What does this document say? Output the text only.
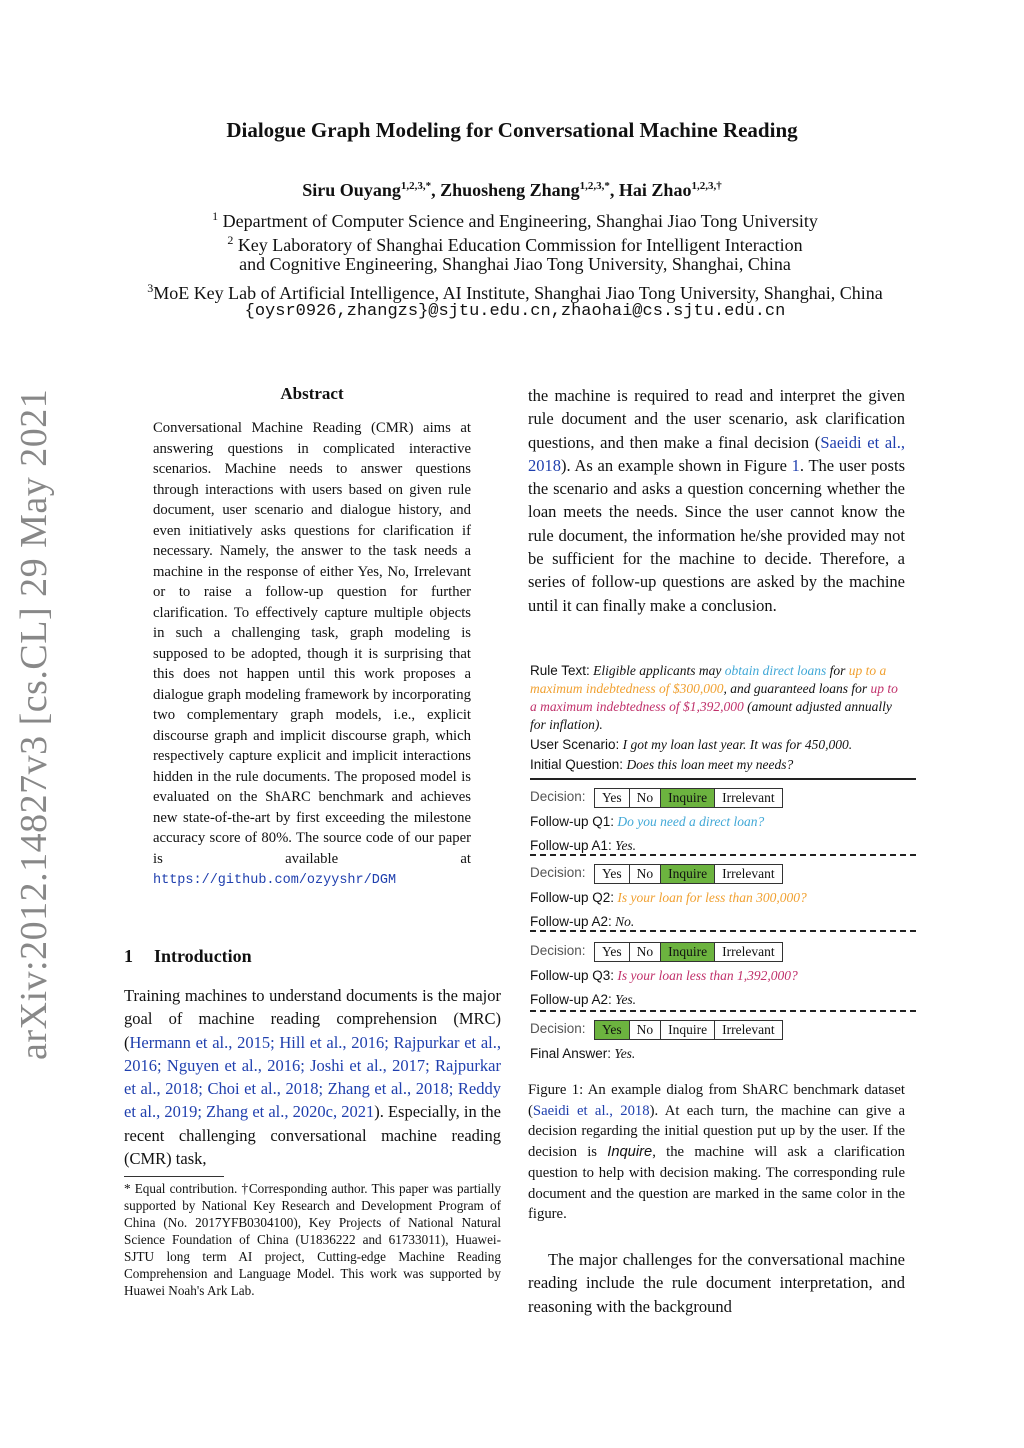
Dialogue Graph Modeling for Conversational Machine Reading
Siru Ouyang$^{1,2,3,*}$, Zhuosheng Zhang$^{1,2,3,*}$, Hai Zhao$^{1,2,3,\dagger}$
$^1$ Department of Computer Science and Engineering, Shanghai Jiao Tong University
$^2$ Key Laboratory of Shanghai Education Commission for Intelligent Interaction
and Cognitive Engineering, Shanghai Jiao Tong University, Shanghai, China
$^3$MoE Key Lab of Artificial Intelligence, AI Institute, Shanghai Jiao Tong University, Shanghai, China
{oysr0926,zhangzs}@sjtu.edu.cn,zhaohai@cs.sjtu.edu.cn
arXiv:2012.14827v3 [cs.CL] 29 May 2021	Abstract
Conversational Machine Reading (CMR) aims at answering questions in complicated interactive scenarios. Machine needs to answer questions through interactions with users based on given rule document, user scenario and dialogue history, and even initiatively asks questions for clarification if necessary. Namely, the answer to the task needs a machine in the response of either Yes, No, Irrelevant or to raise a follow-up question for further clarification. To effectively capture multiple objects in such a challenging task, graph modeling is supposed to be adopted, though it is surprising that this does not happen until this work proposes a dialogue graph modeling framework by incorporating two complementary graph models, i.e., explicit discourse graph and implicit discourse graph, which respectively capture explicit and implicit interactions hidden in the rule documents. The proposed model is evaluated on the ShARC benchmark and achieves new state-of-the-art by first exceeding the milestone accuracy score of 80%. The source code of our paper is available at https://github.com/ozyyshr/DGM
1 Introduction
Training machines to understand documents is the major goal of machine reading comprehension (MRC) (Hermann et al., 2015; Hill et al., 2016; Rajpurkar et al., 2016; Nguyen et al., 2016; Joshi et al., 2017; Rajpurkar et al., 2018; Choi et al., 2018; Zhang et al., 2018; Reddy et al., 2019; Zhang et al., 2020c, 2021). Especially, in the recent challenging conversational machine reading (CMR) task,
* Equal contribution. †Corresponding author. This paper was partially supported by National Key Research and Development Program of China (No. 2017YFB0304100), Key Projects of National Natural Science Foundation of China (U1836222 and 61733011), Huawei-SJTU long term AI project, Cutting-edge Machine Reading Comprehension and Language Model. This work was supported by Huawei Noah's Ark Lab.
the machine is required to read and interpret the given rule document and the user scenario, ask clarification questions, and then make a final decision (Saeidi et al., 2018). As an example shown in Figure 1. The user posts the scenario and asks a question concerning whether the loan meets the needs. Since the user cannot know the rule document, the information he/she provided may not be sufficient for the machine to decide. Therefore, a series of follow-up questions are asked by the machine until it can finally make a conclusion.
Rule Text: Eligible applicants may obtain direct loans for up to a maximum indebtedness of $300,000, and guaranteed loans for up to a maximum indebtedness of $1,392,000 (amount adjusted annually for inflation).
User Scenario: I got my loan last year. It was for 450,000.
Initial Question: Does this loan meet my needs?
Decision:	Yes	No	Inquire	Irrelevant
Follow-up Q1: Do you need a direct loan?
Follow-up A1: Yes.
Decision:	Yes	No	Inquire	Irrelevant
Follow-up Q2: Is your loan for less than 300,000?
Follow-up A2: No.
Decision:	Yes	No	Inquire	Irrelevant
Follow-up Q3: Is your loan less than 1,392,000?
Follow-up A2: Yes.
Decision:	Yes	No	Inquire	Irrelevant
Final Answer: Yes.
Figure 1: An example dialog from ShARC benchmark dataset (Saeidi et al., 2018). At each turn, the machine can give a decision regarding the initial question put up by the user. If the decision is Inquire, the machine will ask a clarification question to help with decision making. The corresponding rule document and the question are marked in the same color in the figure.
The major challenges for the conversational machine reading include the rule document interpretation, and reasoning with the background
